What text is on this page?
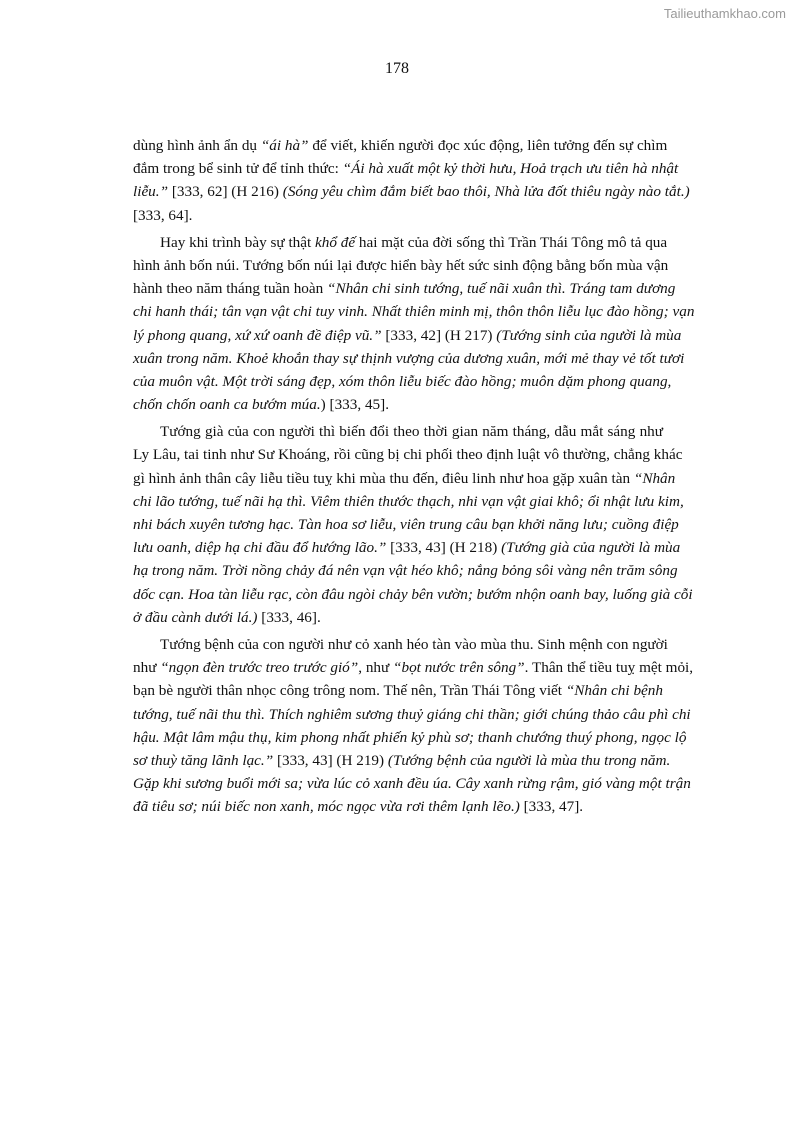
Tailieuthamkhao.com
178
dùng hình ảnh ẩn dụ “ái hà” để viết, khiến người đọc xúc động, liên tưởng đến sự chìm
đắm trong bể sinh tử để tỉnh thức: “Ái hà xuất một kỷ thời hưu, Hoả trạch ưu tiên hà nhật
liễu.” [333, 62] (H 216) (Sóng yêu chìm đắm biết bao thôi, Nhà lửa đốt thiêu ngày nào tắt.)
[333, 64].
Hay khi trình bày sự thật khổ đế hai mặt của đời sống thì Trần Thái Tông mô tả qua
hình ảnh bốn núi. Tướng bốn núi lại được hiển bày hết sức sinh động bằng bốn mùa vận
hành theo năm tháng tuần hoàn “Nhân chi sinh tướng, tuế nãi xuân thì. Tráng tam dương
chi hanh thái; tân vạn vật chi tuy vinh. Nhất thiên minh mị, thôn thôn liễu lục đào hồng; vạn
lý phong quang, xứ xứ oanh đề điệp vũ.” [333, 42] (H 217) (Tướng sinh của người là mùa
xuân trong năm. Khoẻ khoắn thay sự thịnh vượng của dương xuân, mới mẻ thay vẻ tốt tươi
của muôn vật. Một trời sáng đẹp, xóm thôn liễu biếc đào hồng; muôn dặm phong quang,
chốn chốn oanh ca bướm múa.) [333, 45].
Tướng già của con người thì biến đổi theo thời gian năm tháng, dẫu mắt sáng như
Ly Lâu, tai tinh như Sư Khoáng, rồi cũng bị chi phối theo định luật vô thường, chẳng khác
gì hình ảnh thân cây liễu tiều tuỵ khi mùa thu đến, điêu linh như hoa gặp xuân tàn “Nhân
chi lão tướng, tuế nãi hạ thì. Viêm thiên thước thạch, nhi vạn vật giai khô; ổi nhật lưu kim,
nhi bách xuyên tương hạc. Tàn hoa sơ liễu, viên trung câu bạn khởi năng lưu; cuồng điệp
lưu oanh, diệp hạ chi đầu đổ hướng lão.” [333, 43] (H 218) (Tướng già của người là mùa
hạ trong năm. Trời nồng chảy đá nên vạn vật héo khô; nắng bỏng sôi vàng nên trăm sông
dốc cạn. Hoa tàn liễu rạc, còn đâu ngòi chảy bên vườn; bướm nhộn oanh bay, luống già cỗi
ở đầu cành dưới lá.) [333, 46].
Tướng bệnh của con người như cỏ xanh héo tàn vào mùa thu. Sinh mệnh con người
như “ngọn đèn trước treo trước gió”, như “bọt nước trên sông”. Thân thể tiều tuỵ mệt mỏi,
bạn bè người thân nhọc công trông nom. Thế nên, Trần Thái Tông viết “Nhân chi bệnh
tướng, tuế nãi thu thì. Thích nghiêm sương thuỷ giáng chi thần; giới chúng thảo câu phì chi
hậu. Mật lâm mậu thụ, kim phong nhất phiến kỷ phù sơ; thanh chướng thuý phong, ngọc lộ
sơ thuỳ tăng lãnh lạc.” [333, 43] (H 219) (Tướng bệnh của người là mùa thu trong năm.
Gặp khi sương buổi mới sa; vừa lúc cỏ xanh đều úa. Cây xanh rừng rậm, gió vàng một trận
đã tiêu sơ; núi biếc non xanh, móc ngọc vừa rơi thêm lạnh lẽo.) [333, 47].
